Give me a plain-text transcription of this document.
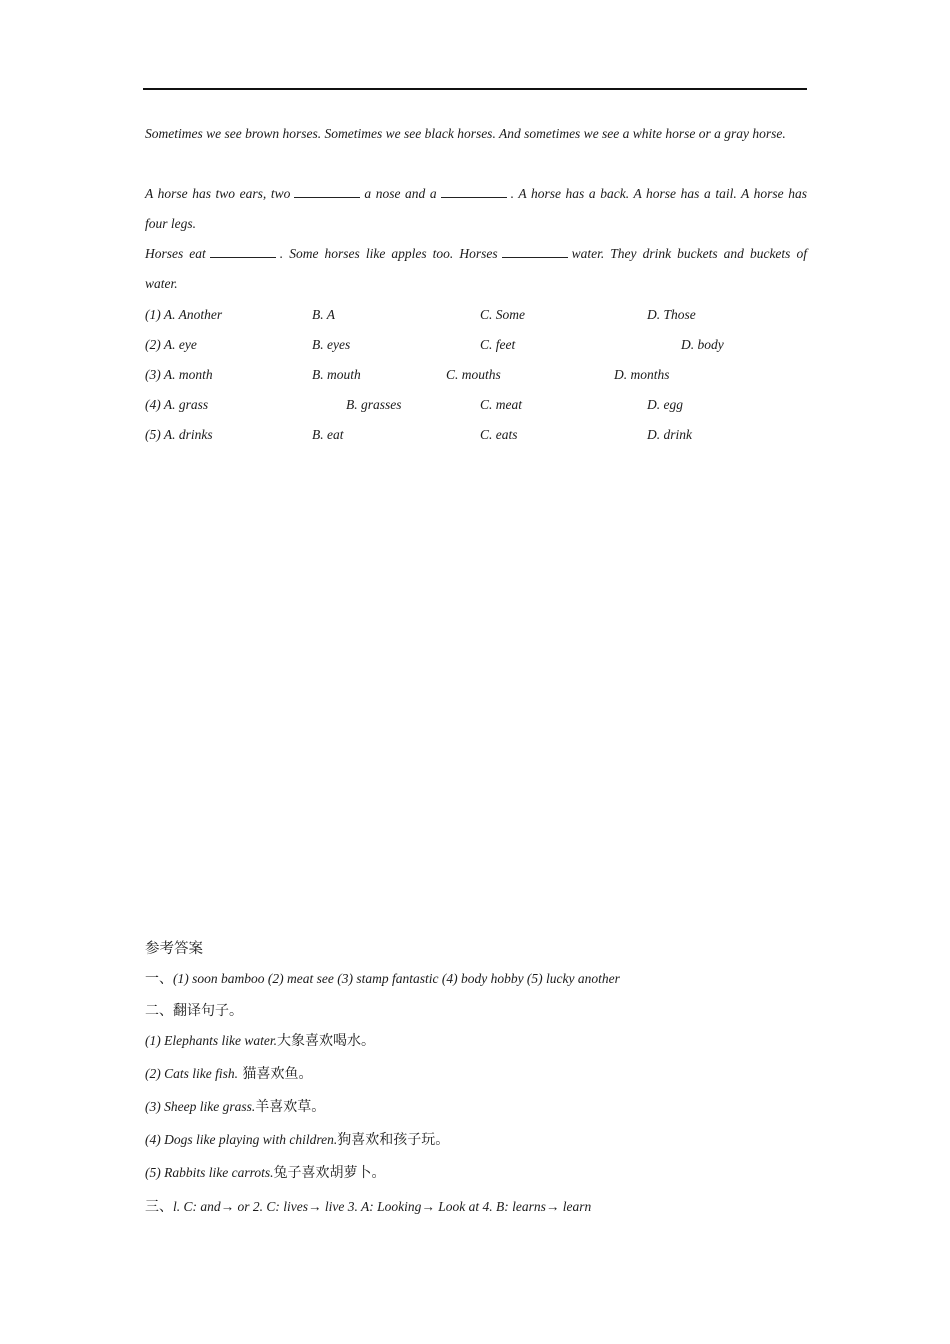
Sometimes we see brown horses. Sometimes we see black horses. And sometimes we see a white horse or a gray horse.
A horse has two ears, two	a nose and a	. A horse has a back. A horse has a tail. A horse has four legs.
Horses eat	. Some horses like apples too. Horses	water. They drink buckets and buckets of water.
(1) A. Another	B. A	C. Some	D. Those
(2) A. eye	B. eyes	C. feet	D. body
(3) A. month	B. mouth	C. mouths	D. months
(4) A. grass	B. grasses	C. meat	D. egg
(5) A. drinks	B. eat	C. eats	D. drink
参考答案
一、(1) soon bamboo (2) meat see (3) stamp fantastic (4) body hobby (5) lucky another
二、翻译句子。
(1) Elephants like water.大象喜欢喝水。
(2) Cats like fish. 猫喜欢鱼。
(3) Sheep like grass.羊喜欢草。
(4) Dogs like playing with children.狗喜欢和孩子玩。
(5) Rabbits like carrots.兔子喜欢胡萝卜。
三、l. C: and→ or 2. C: lives→ live 3. A: Looking→ Look at 4. B: learns→ learn
